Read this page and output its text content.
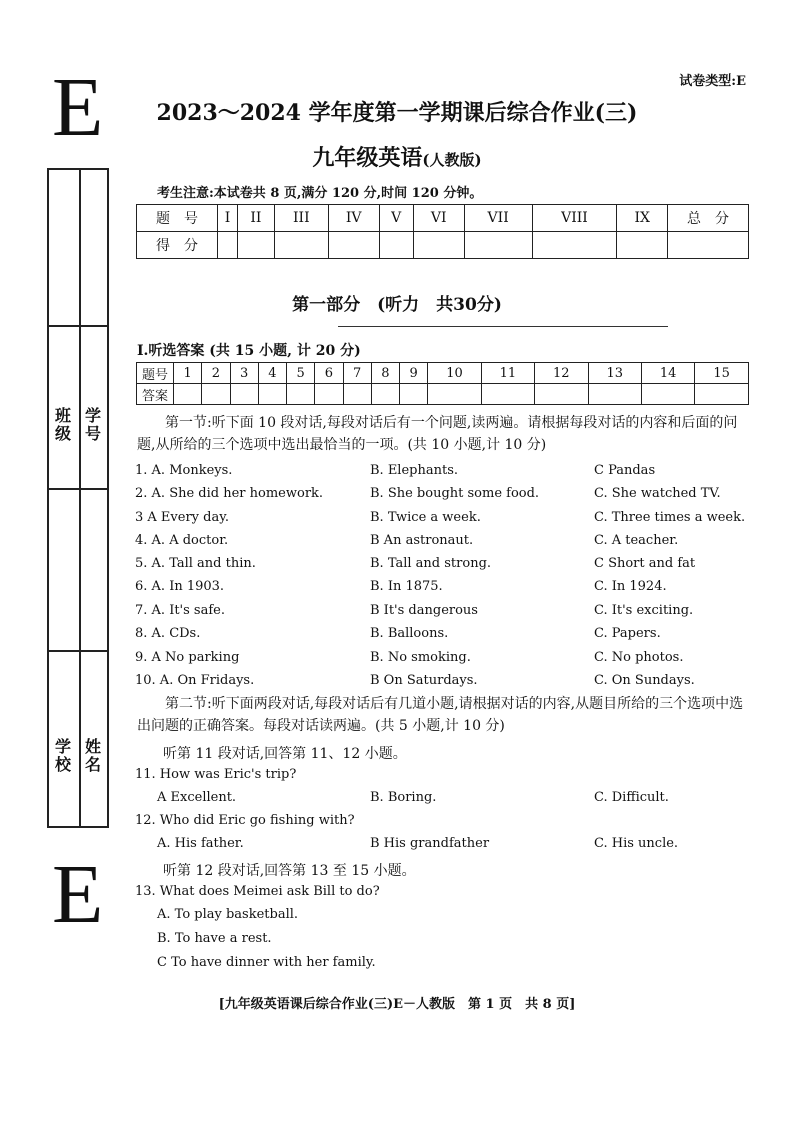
E
E
试卷类型:E
班级
学号
学校
姓名
2023～2024 学年度第一学期课后综合作业(三)
九年级英语(人教版)
考生注意:本试卷共 8 页,满分 120 分,时间 120 分钟。
题　号	I	II	III	IV	V	VI	VII	VIII	IX	总　分
得　分										
第一部分　(听力　共30分)
I.听选答案 (共 15 小题, 计 20 分)
题号	1	2	3	4	5	6	7	8	9	10	11	12	13	14	15
答案															
第一节:听下面 10 段对话,每段对话后有一个问题,读两遍。请根据每段对话的内容和后面的问题,从所给的三个选项中选出最恰当的一项。(共 10 小题,计 10 分)
1. A. Monkeys.	B. Elephants.	C Pandas
2. A. She did her homework.	B. She bought some food.	C. She watched TV.
3 A Every day.	B. Twice a week.	C. Three times a week.
4. A. A doctor.	B An astronaut.	C. A teacher.
5. A. Tall and thin.	B. Tall and strong.	C Short and fat
6. A. In 1903.	B. In 1875.	C. In 1924.
7. A. It's safe.	B It's dangerous	C. It's exciting.
8. A. CDs.	B. Balloons.	C. Papers.
9. A No parking	B. No smoking.	C. No photos.
10. A. On Fridays.	B On Saturdays.	C. On Sundays.
第二节:听下面两段对话,每段对话后有几道小题,请根据对话的内容,从题目所给的三个选项中选出问题的正确答案。每段对话读两遍。(共 5 小题,计 10 分)
听第 11 段对话,回答第 11、12 小题。
11. How was Eric's trip?
A Excellent.	B. Boring.	C. Difficult.
12. Who did Eric go fishing with?
A. His father.	B His grandfather	C. His uncle.
听第 12 段对话,回答第 13 至 15 小题。
13. What does Meimei ask Bill to do?
A. To play basketball.
B. To have a rest.
C To have dinner with her family.
[九年级英语课后综合作业(三)E－人教版　第 1 页　共 8 页]
